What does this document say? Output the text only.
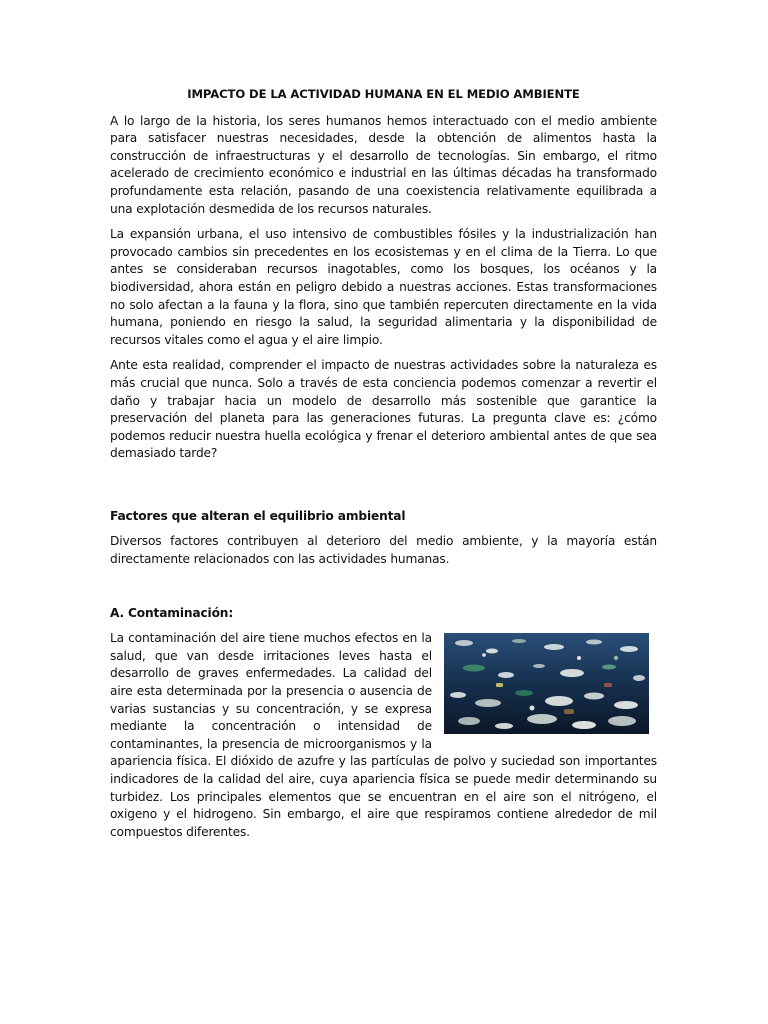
IMPACTO DE LA ACTIVIDAD HUMANA EN EL MEDIO AMBIENTE

A lo largo de la historia, los seres humanos hemos interactuado con el medio ambiente para satisfacer nuestras necesidades, desde la obtención de alimentos hasta la construcción de infraestructuras y el desarrollo de tecnologías. Sin embargo, el ritmo acelerado de crecimiento económico e industrial en las últimas décadas ha transformado profundamente esta relación, pasando de una coexistencia relativamente equilibrada a una explotación desmedida de los recursos naturales.

La expansión urbana, el uso intensivo de combustibles fósiles y la industrialización han provocado cambios sin precedentes en los ecosistemas y en el clima de la Tierra. Lo que antes se consideraban recursos inagotables, como los bosques, los océanos y la biodiversidad, ahora están en peligro debido a nuestras acciones. Estas transformaciones no solo afectan a la fauna y la flora, sino que también repercuten directamente en la vida humana, poniendo en riesgo la salud, la seguridad alimentaria y la disponibilidad de recursos vitales como el agua y el aire limpio.

Ante esta realidad, comprender el impacto de nuestras actividades sobre la naturaleza es más crucial que nunca. Solo a través de esta conciencia podemos comenzar a revertir el daño y trabajar hacia un modelo de desarrollo más sostenible que garantice la preservación del planeta para las generaciones futuras. La pregunta clave es: ¿cómo podemos reducir nuestra huella ecológica y frenar el deterioro ambiental antes de que sea demasiado tarde?

Factores que alteran el equilibrio ambiental

Diversos factores contribuyen al deterioro del medio ambiente, y la mayoría están directamente relacionados con las actividades humanas.

A. Contaminación:

La contaminación del aire tiene muchos efectos en la salud, que van desde irritaciones leves hasta el desarrollo de graves enfermedades. La calidad del aire esta determinada por la presencia o ausencia de varias sustancias y su concentración, y se expresa mediante la concentración o intensidad de contaminantes, la presencia de microorganismos y la apariencia física. El dióxido de azufre y las partículas de polvo y suciedad son importantes indicadores de la calidad del aire, cuya apariencia física se puede medir determinando su turbidez. Los principales elementos que se encuentran en el aire son el nitrógeno, el oxigeno y el hidrogeno. Sin embargo, el aire que respiramos contiene alrededor de mil compuestos diferentes.
